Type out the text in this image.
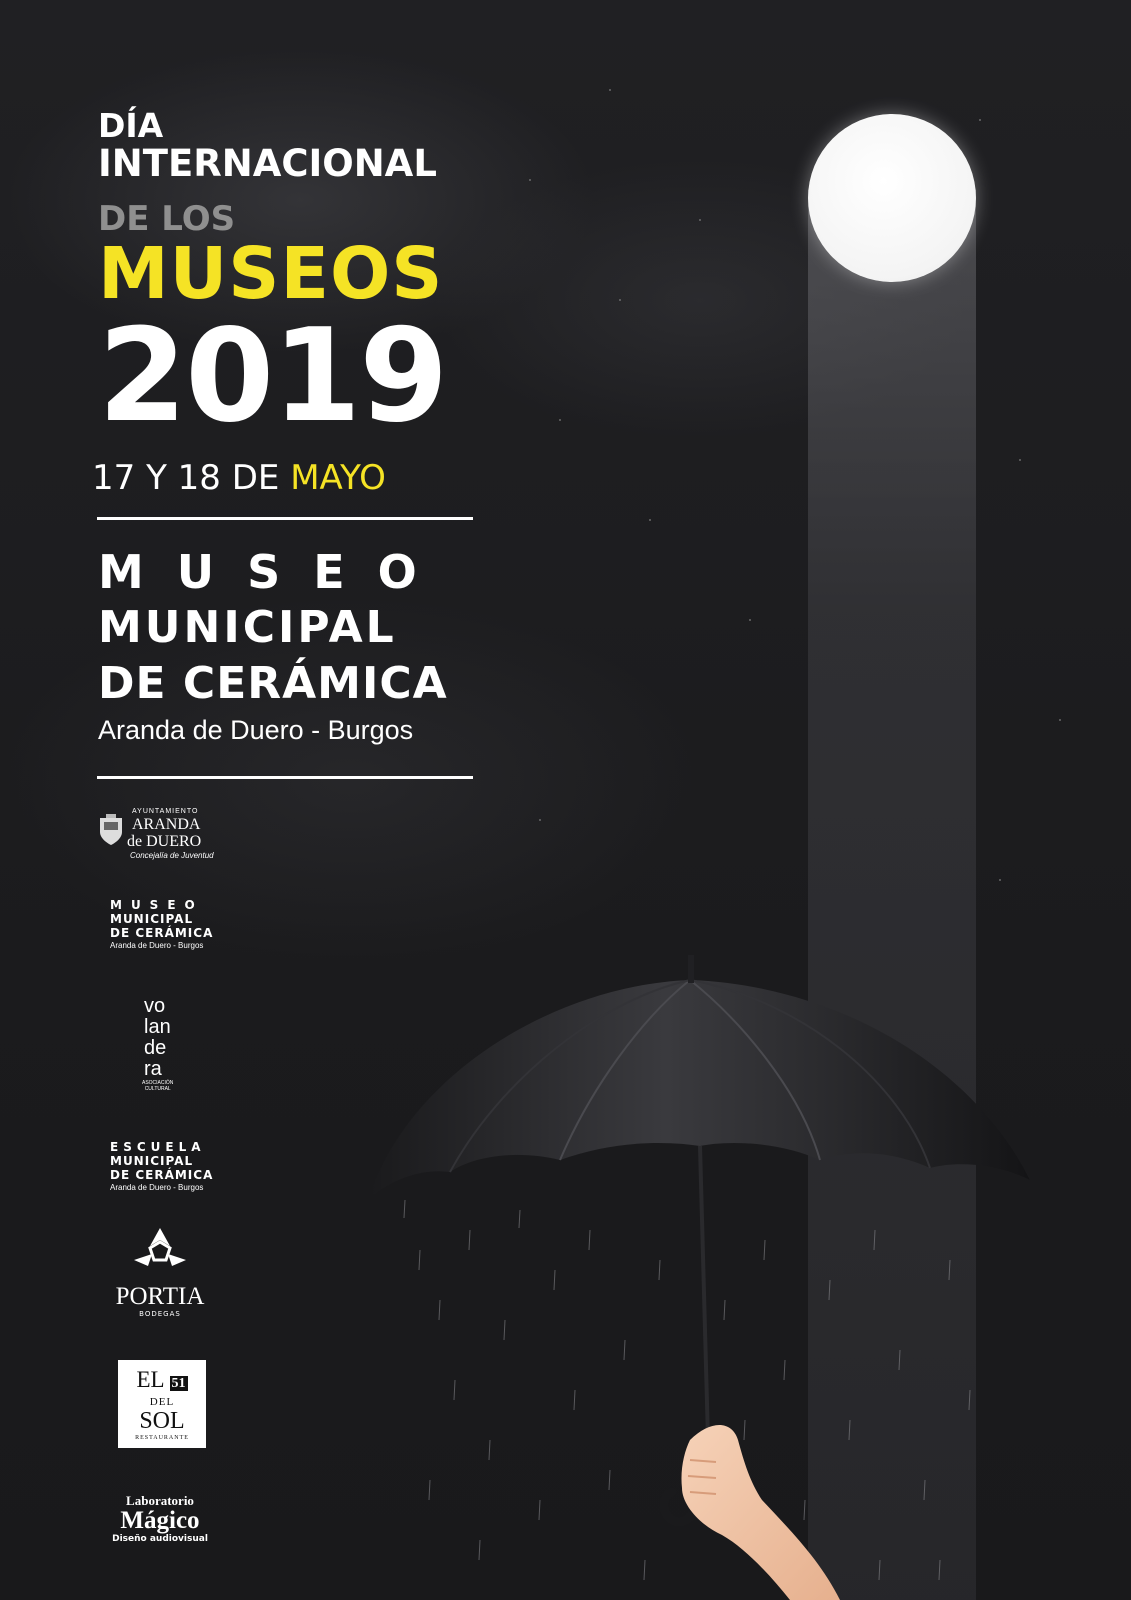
DÍA
INTERNACIONAL
DE LOS
MUSEOS
2019
17 Y 18 DE MAYO
MUSEO
MUNICIPAL
DE CERÁMICA
Aranda de Duero - Burgos
AYUNTAMIENTO
ARANDA
de DUERO
Concejalía de Juventud
MUSEO
MUNICIPAL
DE CERÁMICA
Aranda de Duero - Burgos
vo
lan
de
ra
ASOCIACIÓN
CULTURAL
ESCUELA
MUNICIPAL
DE CERÁMICA
Aranda de Duero - Burgos
PORTIA
BODEGAS
EL 51
DEL
SOL
RESTAURANTE
Laboratorio
Mágico
Diseño audiovisual
